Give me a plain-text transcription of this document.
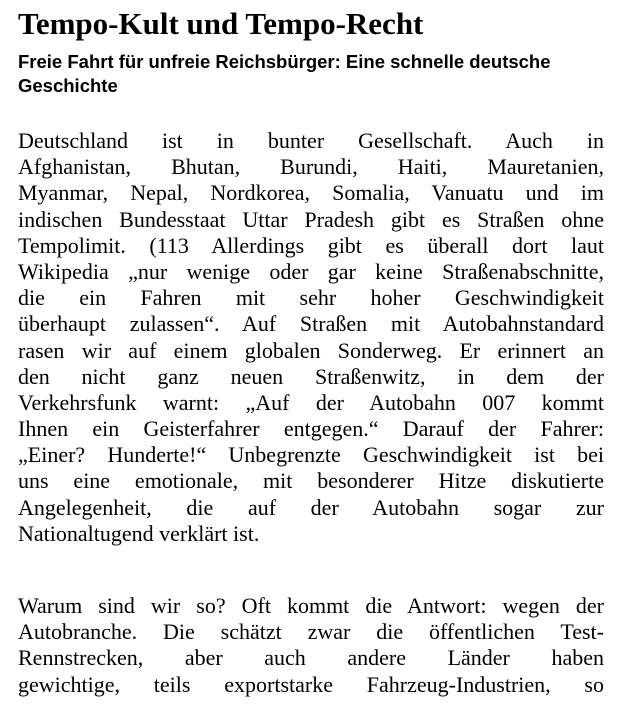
Tempo-Kult und Tempo-Recht
Freie Fahrt für unfreie Reichsbürger: Eine schnelle deutsche Geschichte
Deutschland ist in bunter Gesellschaft. Auch in
Afghanistan, Bhutan, Burundi, Haiti, Mauretanien,
Myanmar, Nepal, Nordkorea, Somalia, Vanuatu und im
indischen Bundesstaat Uttar Pradesh gibt es Straßen ohne
Tempolimit. (113 Allerdings gibt es überall dort laut
Wikipedia „nur wenige oder gar keine Straßenabschnitte,
die ein Fahren mit sehr hoher Geschwindigkeit
überhaupt zulassen“. Auf Straßen mit Autobahnstandard
rasen wir auf einem globalen Sonderweg. Er erinnert an
den nicht ganz neuen Straßenwitz, in dem der
Verkehrsfunk warnt: „Auf der Autobahn 007 kommt
Ihnen ein Geisterfahrer entgegen.“ Darauf der Fahrer:
„Einer? Hunderte!“ Unbegrenzte Geschwindigkeit ist bei
uns eine emotionale, mit besonderer Hitze diskutierte
Angelegenheit, die auf der Autobahn sogar zur
Nationaltugend verklärt ist.
Warum sind wir so? Oft kommt die Antwort: wegen der
Autobranche. Die schätzt zwar die öffentlichen Test-
Rennstrecken, aber auch andere Länder haben
gewichtige, teils exportstarke Fahrzeug-Industrien, so
